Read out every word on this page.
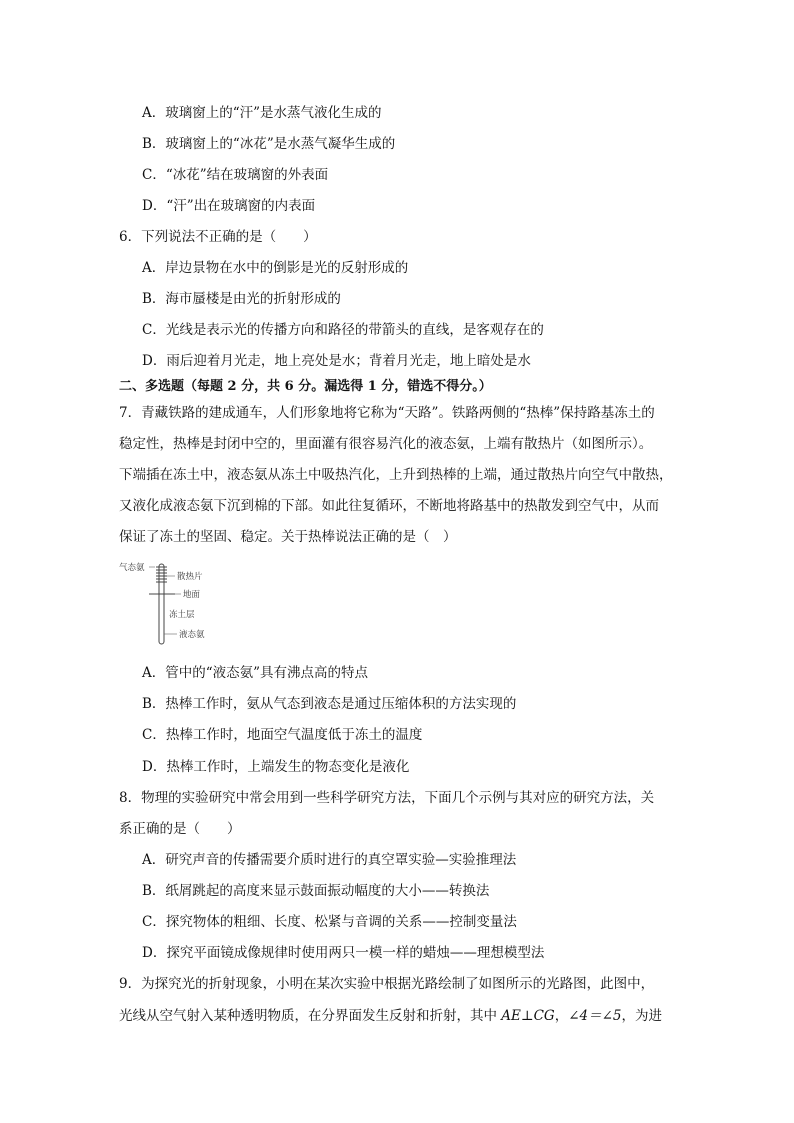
A．玻璃窗上的“汗”是水蒸气液化生成的
B．玻璃窗上的“冰花”是水蒸气凝华生成的
C．“冰花”结在玻璃窗的外表面
D．“汗”出在玻璃窗的内表面
6．下列说法不正确的是（　　）
A．岸边景物在水中的倒影是光的反射形成的
B．海市蜃楼是由光的折射形成的
C．光线是表示光的传播方向和路径的带箭头的直线，是客观存在的
D．雨后迎着月光走，地上亮处是水；背着月光走，地上暗处是水
二、多选题（每题 2 分，共 6 分。漏选得 1 分，错选不得分。）
7．青藏铁路的建成通车，人们形象地将它称为“天路”。铁路两侧的“热棒”保持路基冻土的
稳定性，热棒是封闭中空的，里面灌有很容易汽化的液态氨，上端有散热片（如图所示）。
下端插在冻土中，液态氨从冻土中吸热汽化，上升到热棒的上端，通过散热片向空气中散热，
又液化成液态氨下沉到棉的下部。如此往复循环，不断地将路基中的热散发到空气中，从而
保证了冻土的坚固、稳定。关于热棒说法正确的是（　）
气态氨
散热片
地面
冻土层
液态氨
A．管中的“液态氨”具有沸点高的特点
B．热棒工作时，氨从气态到液态是通过压缩体积的方法实现的
C．热棒工作时，地面空气温度低于冻土的温度
D．热棒工作时，上端发生的物态变化是液化
8．物理的实验研究中常会用到一些科学研究方法，下面几个示例与其对应的研究方法，关
系正确的是（　　）
A．研究声音的传播需要介质时进行的真空罩实验—实验推理法
B．纸屑跳起的高度来显示鼓面振动幅度的大小——转换法
C．探究物体的粗细、长度、松紧与音调的关系——控制变量法
D．探究平面镜成像规律时使用两只一模一样的蜡烛——理想模型法
9．为探究光的折射现象，小明在某次实验中根据光路绘制了如图所示的光路图，此图中，
光线从空气射入某种透明物质，在分界面发生反射和折射，其中 AE⊥CG，∠4＝∠5，为进
